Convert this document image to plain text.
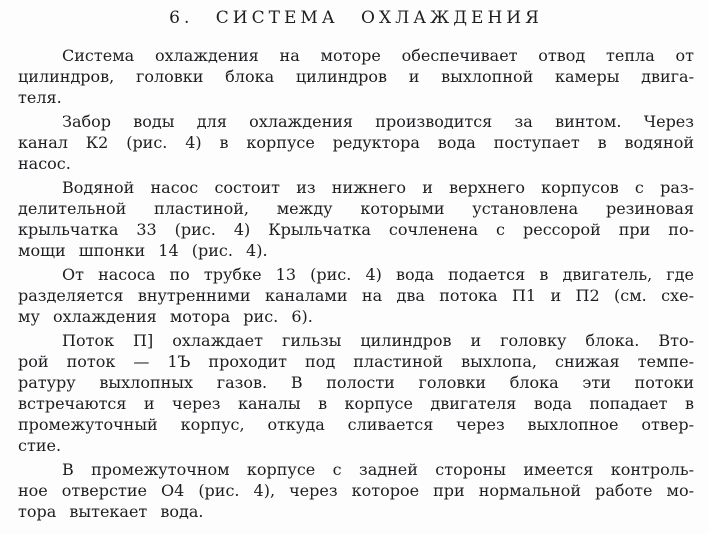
6. СИСТЕМА ОХЛАЖДЕНИЯ
Система охлаждения на моторе обеспечивает отвод тепла от
цилиндров, головки блока цилиндров и выхлопной камеры двига-
теля.
Забор воды для охлаждения производится за винтом. Через
канал К2 (рис. 4) в корпусе редуктора вода поступает в водяной
насос.
Водяной насос состоит из нижнего и верхнего корпусов с раз-
делительной пластиной, между которыми установлена резиновая
крыльчатка 33 (рис. 4) Крыльчатка сочленена с рессорой при по-
мощи шпонки 14 (рис. 4).
От насоса по трубке 13 (рис. 4) вода подается в двигатель, где
разделяется внутренними каналами на два потока П1 и П2 (см. схе-
му охлаждения мотора рис. 6).
Поток П] охлаждает гильзы цилиндров и головку блока. Вто-
рой поток — 1Ъ проходит под пластиной выхлопа, снижая темпе-
ратуру выхлопных газов. В полости головки блока эти потоки
встречаются и через каналы в корпусе двигателя вода попадает в
промежуточный корпус, откуда сливается через выхлопное отвер-
стие.
В промежуточном корпусе с задней стороны имеется контроль-
ное отверстие О4 (рис. 4), через которое при нормальной работе мо-
тора вытекает вода.
